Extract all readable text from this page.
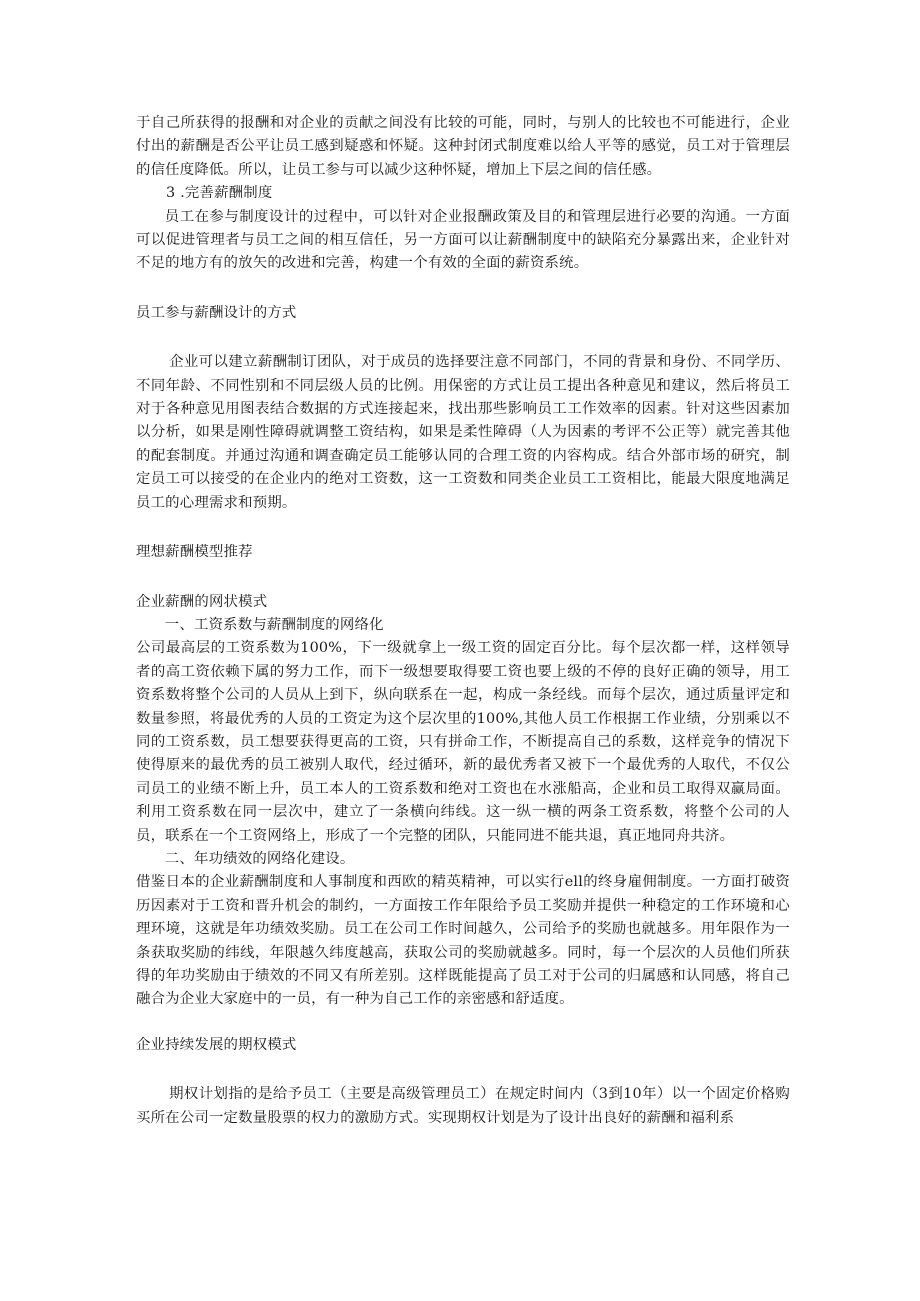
于自己所获得的报酬和对企业的贡献之间没有比较的可能，同时，与别人的比较也不可能进行，企业付出的薪酬是否公平让员工感到疑惑和怀疑。这种封闭式制度难以给人平等的感觉，员工对于管理层的信任度降低。所以，让员工参与可以减少这种怀疑，增加上下层之间的信任感。

3 .完善薪酬制度

员工在参与制度设计的过程中，可以针对企业报酬政策及目的和管理层进行必要的沟通。一方面可以促进管理者与员工之间的相互信任，另一方面可以让薪酬制度中的缺陷充分暴露出来，企业针对不足的地方有的放矢的改进和完善，构建一个有效的全面的薪资系统。

员工参与薪酬设计的方式

企业可以建立薪酬制订团队，对于成员的选择要注意不同部门，不同的背景和身份、不同学历、不同年龄、不同性别和不同层级人员的比例。用保密的方式让员工提出各种意见和建议，然后将员工对于各种意见用图表结合数据的方式连接起来，找出那些影响员工工作效率的因素。针对这些因素加以分析，如果是刚性障碍就调整工资结构，如果是柔性障碍（人为因素的考评不公正等）就完善其他的配套制度。并通过沟通和调查确定员工能够认同的合理工资的内容构成。结合外部市场的研究，制定员工可以接受的在企业内的绝对工资数，这一工资数和同类企业员工工资相比，能最大限度地满足员工的心理需求和预期。

理想薪酬模型推荐

企业薪酬的网状模式

一、工资系数与薪酬制度的网络化

公司最高层的工资系数为100%，下一级就拿上一级工资的固定百分比。每个层次都一样，这样领导者的高工资依赖下属的努力工作，而下一级想要取得要工资也要上级的不停的良好正确的领导，用工资系数将整个公司的人员从上到下，纵向联系在一起，构成一条经线。而每个层次，通过质量评定和数量参照，将最优秀的人员的工资定为这个层次里的100%,其他人员工作根据工作业绩，分别乘以不同的工资系数，员工想要获得更高的工资，只有拼命工作，不断提高自己的系数，这样竞争的情况下使得原来的最优秀的员工被别人取代，经过循环，新的最优秀者又被下一个最优秀的人取代，不仅公司员工的业绩不断上升，员工本人的工资系数和绝对工资也在水涨船高，企业和员工取得双赢局面。利用工资系数在同一层次中，建立了一条横向纬线。这一纵一横的两条工资系数，将整个公司的人员，联系在一个工资网络上，形成了一个完整的团队，只能同进不能共退，真正地同舟共济。

二、年功绩效的网络化建设。

借鉴日本的企业薪酬制度和人事制度和西欧的精英精神，可以实行ell的终身雇佣制度。一方面打破资历因素对于工资和晋升机会的制约，一方面按工作年限给予员工奖励并提供一种稳定的工作环境和心理环境，这就是年功绩效奖励。员工在公司工作时间越久，公司给予的奖励也就越多。用年限作为一条获取奖励的纬线，年限越久纬度越高，获取公司的奖励就越多。同时，每一个层次的人员他们所获得的年功奖励由于绩效的不同又有所差别。这样既能提高了员工对于公司的归属感和认同感，将自己融合为企业大家庭中的一员，有一种为自己工作的亲密感和舒适度。

企业持续发展的期权模式

期权计划指的是给予员工（主要是高级管理员工）在规定时间内（3到10年）以一个固定价格购买所在公司一定数量股票的权力的激励方式。实现期权计划是为了设计出良好的薪酬和福利系
